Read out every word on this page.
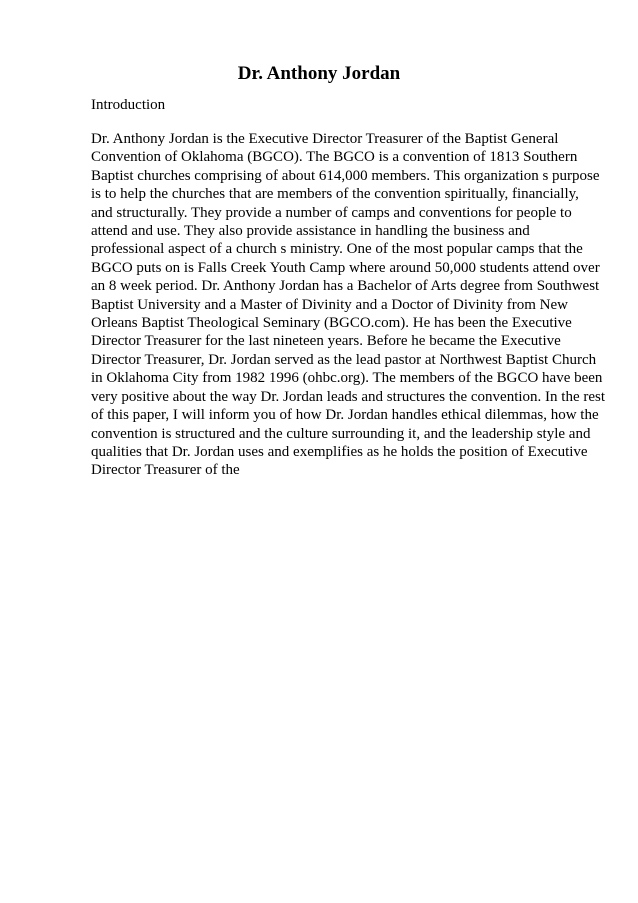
Dr. Anthony Jordan

Introduction

Dr. Anthony Jordan is the Executive Director Treasurer of the Baptist General
Convention of Oklahoma (BGCO). The BGCO is a convention of 1813 Southern
Baptist churches comprising of about 614,000 members. This organization s purpose
is to help the churches that are members of the convention spiritually, financially,
and structurally. They provide a number of camps and conventions for people to
attend and use. They also provide assistance in handling the business and
professional aspect of a church s ministry. One of the most popular camps that the
BGCO puts on is Falls Creek Youth Camp where around 50,000 students attend over
an 8 week period. Dr. Anthony Jordan has a Bachelor of Arts degree from Southwest
Baptist University and a Master of Divinity and a Doctor of Divinity from New
Orleans Baptist Theological Seminary (BGCO.com). He has been the Executive
Director Treasurer for the last nineteen years. Before he became the Executive
Director Treasurer, Dr. Jordan served as the lead pastor at Northwest Baptist Church
in Oklahoma City from 1982 1996 (ohbc.org). The members of the BGCO have been
very positive about the way Dr. Jordan leads and structures the convention. In the rest
of this paper, I will inform you of how Dr. Jordan handles ethical dilemmas, how the
convention is structured and the culture surrounding it, and the leadership style and
qualities that Dr. Jordan uses and exemplifies as he holds the position of Executive
Director Treasurer of the
